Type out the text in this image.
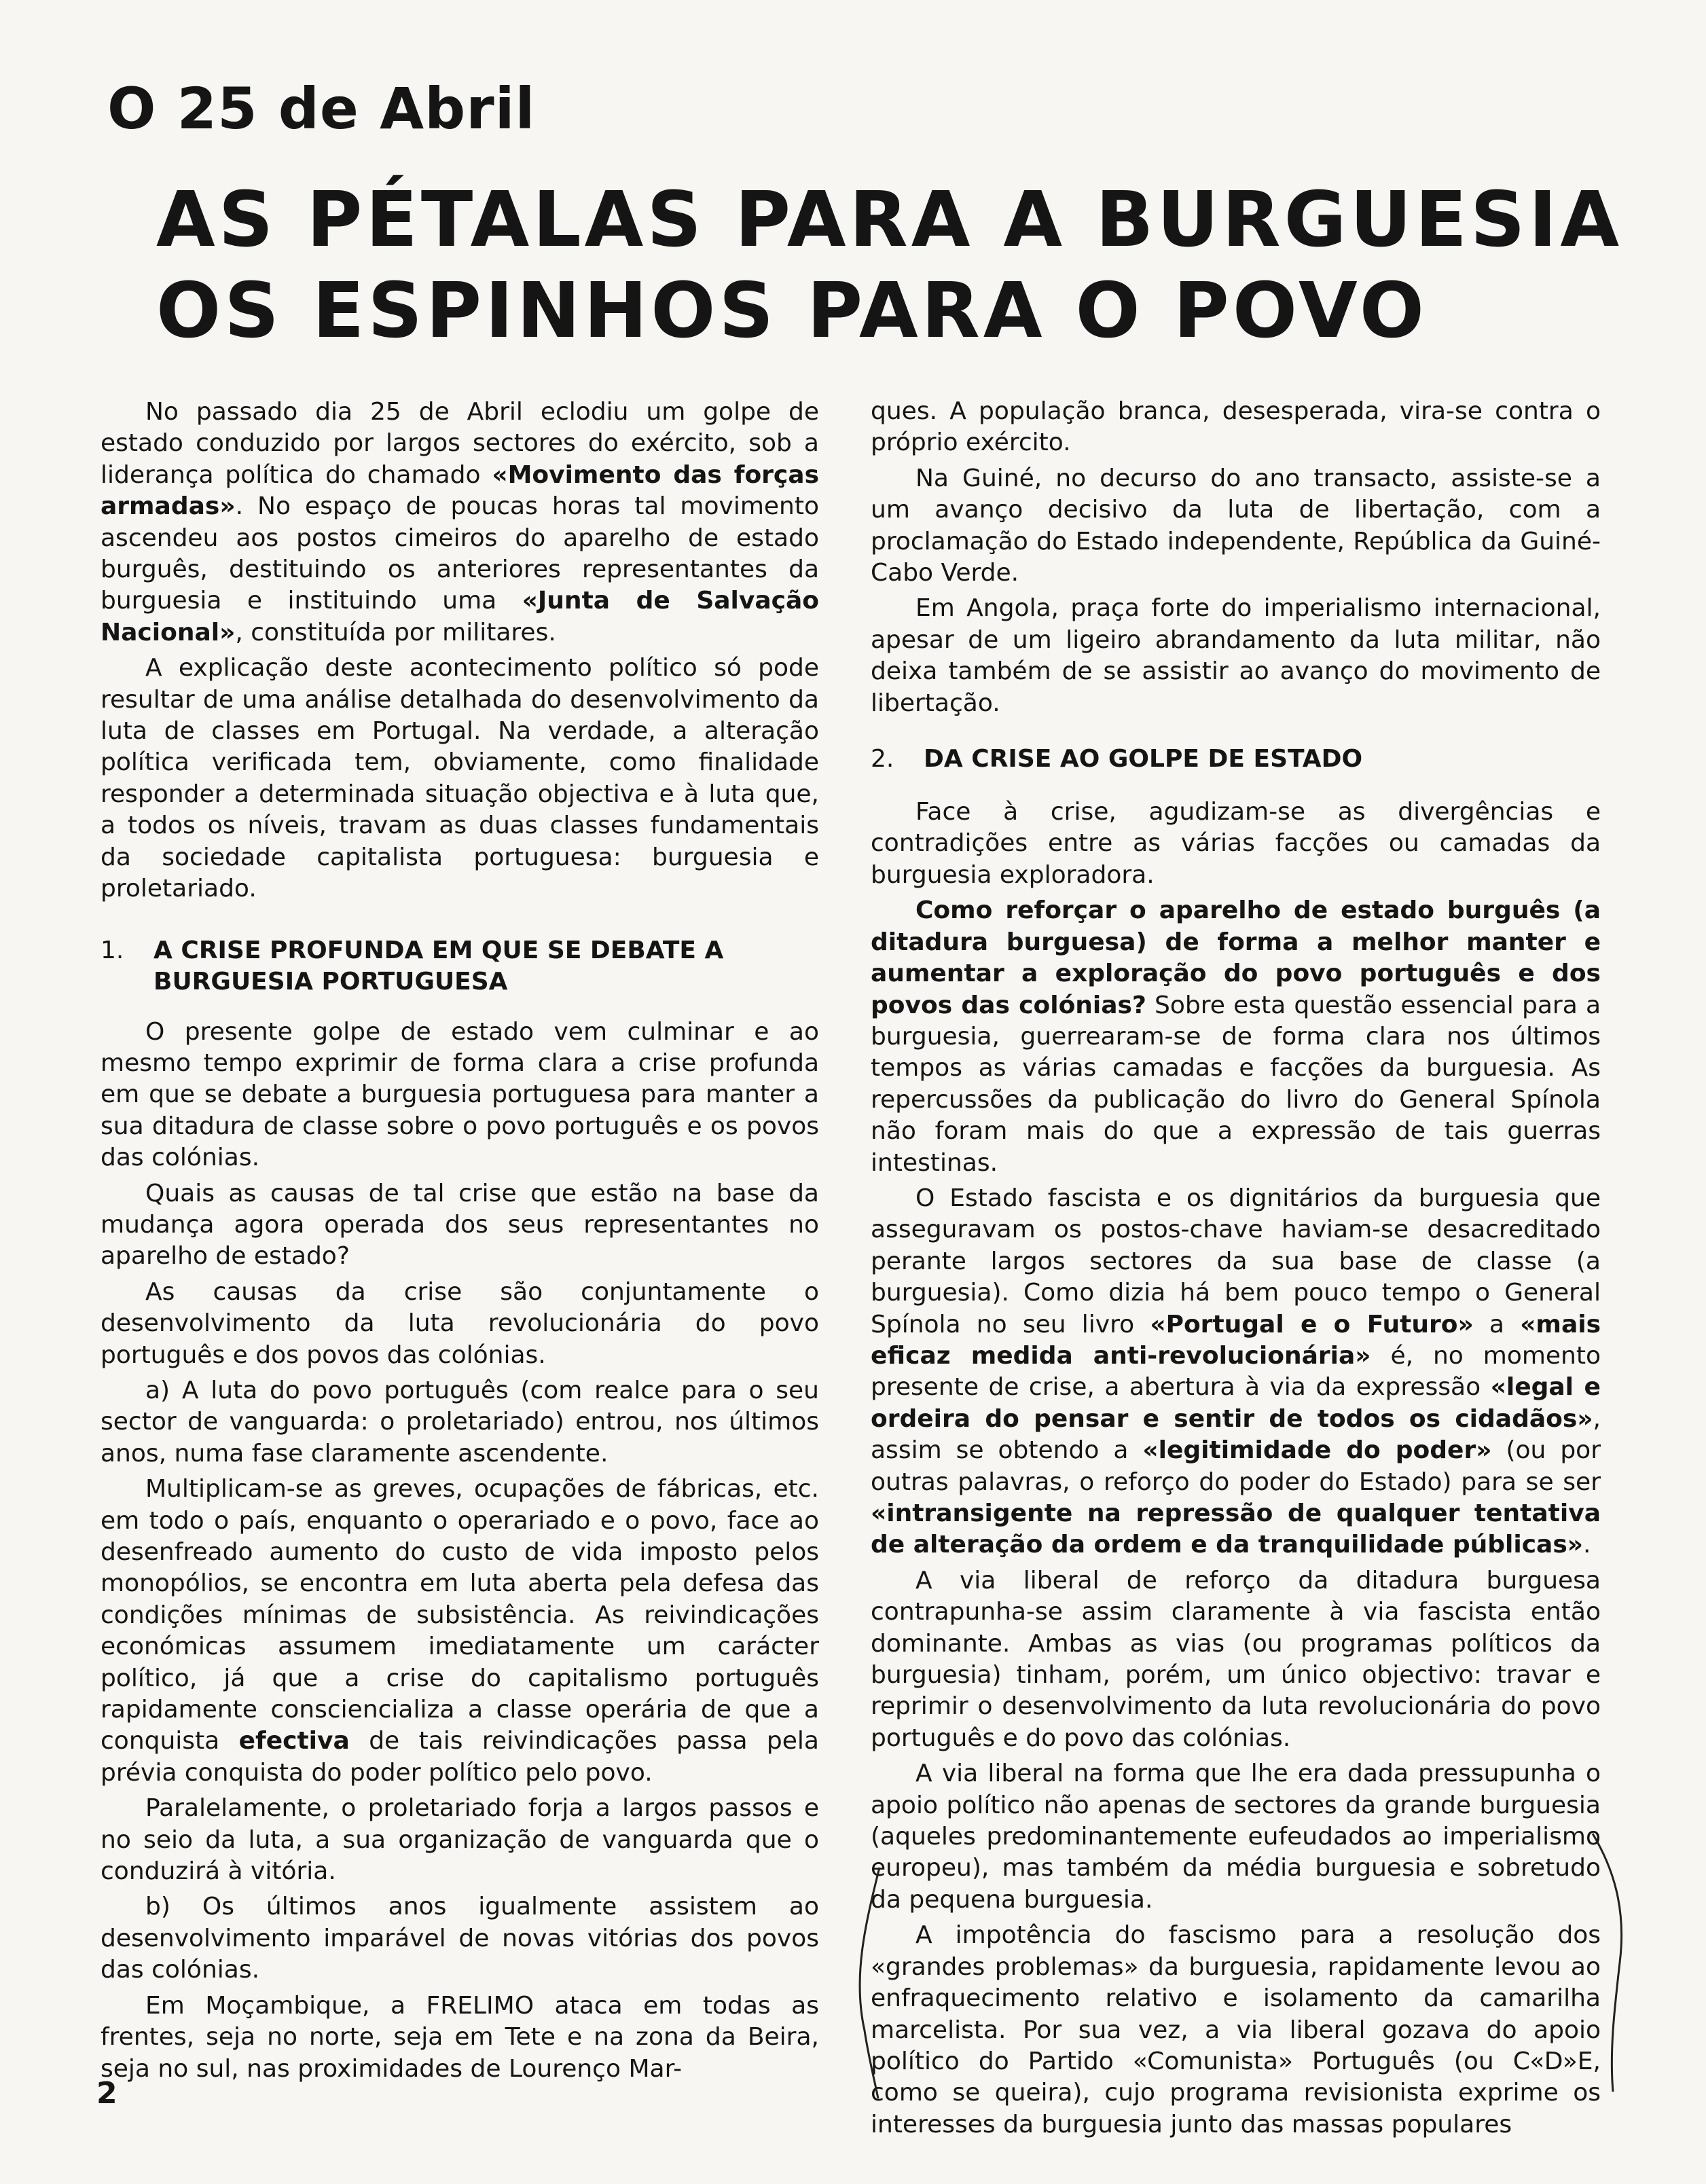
O 25 de Abril
AS PÉTALAS PARA A BURGUESIA
OS ESPINHOS PARA O POVO

No passado dia 25 de Abril eclodiu um golpe de estado conduzido por largos sectores do exército, sob a liderança política do chamado «Movimento das forças armadas». No espaço de poucas horas tal movimento ascendeu aos postos cimeiros do aparelho de estado burguês, destituindo os anteriores representantes da burguesia e instituindo uma «Junta de Salvação Nacional», constituída por militares.

A explicação deste acontecimento político só pode resultar de uma análise detalhada do desenvolvimento da luta de classes em Portugal. Na verdade, a alteração política verificada tem, obviamente, como finalidade responder a determinada situação objectiva e à luta que, a todos os níveis, travam as duas classes fundamentais da sociedade capitalista portuguesa: burguesia e proletariado.

1.	A CRISE PROFUNDA EM QUE SE DEBATE A BURGUESIA PORTUGUESA

O presente golpe de estado vem culminar e ao mesmo tempo exprimir de forma clara a crise profunda em que se debate a burguesia portuguesa para manter a sua ditadura de classe sobre o povo português e os povos das colónias.

Quais as causas de tal crise que estão na base da mudança agora operada dos seus representantes no aparelho de estado?

As causas da crise são conjuntamente o desenvolvimento da luta revolucionária do povo português e dos povos das colónias.

a) A luta do povo português (com realce para o seu sector de vanguarda: o proletariado) entrou, nos últimos anos, numa fase claramente ascendente.

Multiplicam-se as greves, ocupações de fábricas, etc. em todo o país, enquanto o operariado e o povo, face ao desenfreado aumento do custo de vida imposto pelos monopólios, se encontra em luta aberta pela defesa das condições mínimas de subsistência. As reivindicações económicas assumem imediatamente um carácter político, já que a crise do capitalismo português rapidamente consciencializa a classe operária de que a conquista efectiva de tais reivindicações passa pela prévia conquista do poder político pelo povo.

Paralelamente, o proletariado forja a largos passos e no seio da luta, a sua organização de vanguarda que o conduzirá à vitória.

b) Os últimos anos igualmente assistem ao desenvolvimento imparável de novas vitórias dos povos das colónias.

Em Moçambique, a FRELIMO ataca em todas as frentes, seja no norte, seja em Tete e na zona da Beira, seja no sul, nas proximidades de Lourenço Mar-

ques. A população branca, desesperada, vira-se contra o próprio exército.

Na Guiné, no decurso do ano transacto, assiste-se a um avanço decisivo da luta de libertação, com a proclamação do Estado independente, República da Guiné-Cabo Verde.

Em Angola, praça forte do imperialismo internacional, apesar de um ligeiro abrandamento da luta militar, não deixa também de se assistir ao avanço do movimento de libertação.

2.	DA CRISE AO GOLPE DE ESTADO

Face à crise, agudizam-se as divergências e contradições entre as várias facções ou camadas da burguesia exploradora.

Como reforçar o aparelho de estado burguês (a ditadura burguesa) de forma a melhor manter e aumentar a exploração do povo português e dos povos das colónias? Sobre esta questão essencial para a burguesia, guerrearam-se de forma clara nos últimos tempos as várias camadas e facções da burguesia. As repercussões da publicação do livro do General Spínola não foram mais do que a expressão de tais guerras intestinas.

O Estado fascista e os dignitários da burguesia que asseguravam os postos-chave haviam-se desacreditado perante largos sectores da sua base de classe (a burguesia). Como dizia há bem pouco tempo o General Spínola no seu livro «Portugal e o Futuro» a «mais eficaz medida anti-revolucionária» é, no momento presente de crise, a abertura à via da expressão «legal e ordeira do pensar e sentir de todos os cidadãos», assim se obtendo a «legitimidade do poder» (ou por outras palavras, o reforço do poder do Estado) para se ser «intransigente na repressão de qualquer tentativa de alteração da ordem e da tranquilidade públicas».

A via liberal de reforço da ditadura burguesa contrapunha-se assim claramente à via fascista então dominante. Ambas as vias (ou programas políticos da burguesia) tinham, porém, um único objectivo: travar e reprimir o desenvolvimento da luta revolucionária do povo português e do povo das colónias.

A via liberal na forma que lhe era dada pressupunha o apoio político não apenas de sectores da grande burguesia (aqueles predominantemente eufeudados ao imperialismo europeu), mas também da média burguesia e sobretudo da pequena burguesia.

A impotência do fascismo para a resolução dos «grandes problemas» da burguesia, rapidamente levou ao enfraquecimento relativo e isolamento da camarilha marcelista. Por sua vez, a via liberal gozava do apoio político do Partido «Comunista» Português (ou C«D»E, como se queira), cujo programa revisionista exprime os interesses da burguesia junto das massas populares

2
